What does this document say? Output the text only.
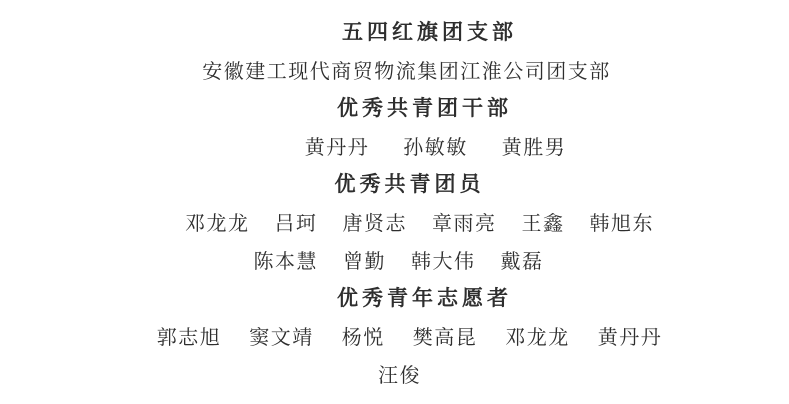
五四红旗团支部
安徽建工现代商贸物流集团江淮公司团支部
优秀共青团干部
黄丹丹 孙敏敏 黄胜男
优秀共青团员
邓龙龙 吕珂 唐贤志 章雨亮 王鑫 韩旭东
陈本慧 曾勤 韩大伟 戴磊
优秀青年志愿者
郭志旭 窦文靖 杨悦 樊高昆 邓龙龙 黄丹丹
汪俊
